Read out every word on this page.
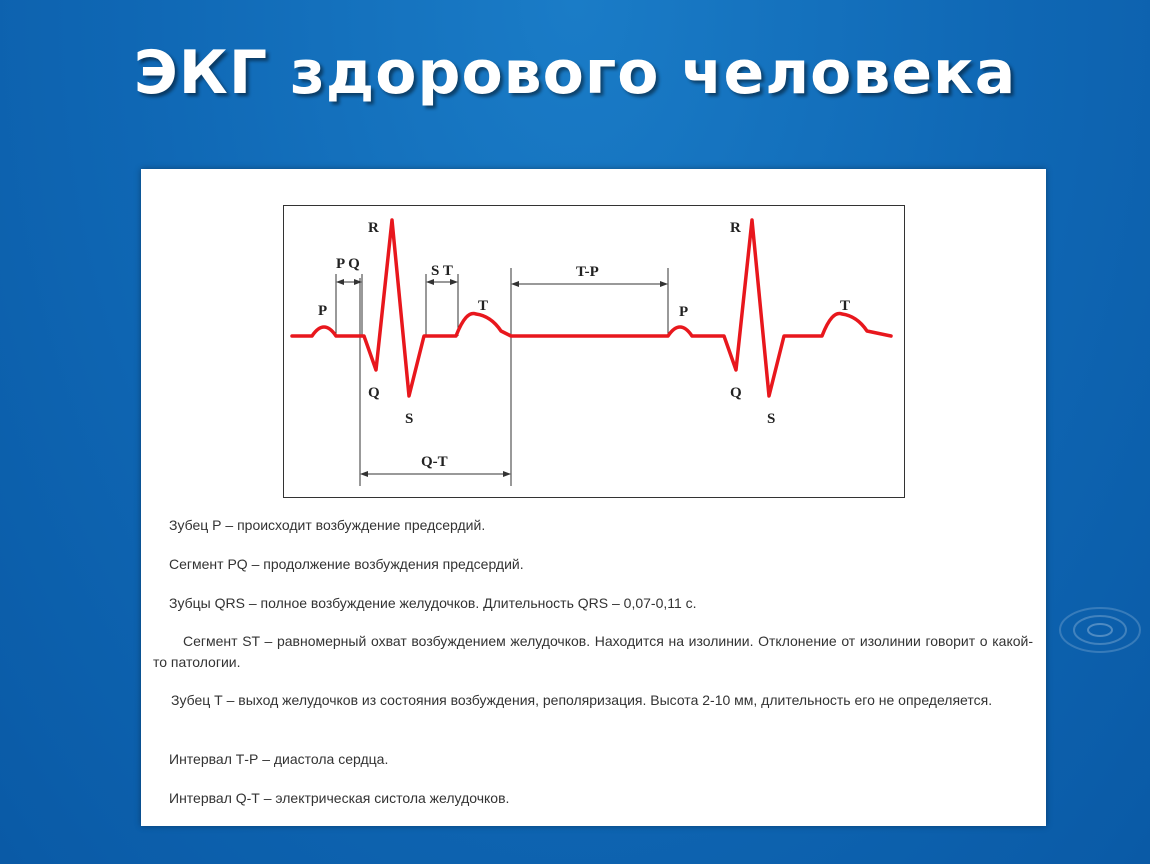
ЭКГ здорового человека
P
Q
R
S
T	P
Q
R
S
T
P Q	S T	T-P
Q-T

Зубец Р – происходит возбуждение предсердий.

Сегмент PQ – продолжение возбуждения предсердий.

Зубцы QRS – полное возбуждение желудочков. Длительность QRS – 0,07-0,11 с.

Сегмент ST – равномерный охват возбуждением желудочков. Находится на изолинии. Отклонение от изолинии говорит о какой-то патологии.

Зубец Т – выход желудочков из состояния возбуждения, реполяризация. Высота 2-10 мм, длительность его не определяется.

Интервал Т-Р – диастола сердца.

Интервал Q-Т – электрическая систола желудочков.
